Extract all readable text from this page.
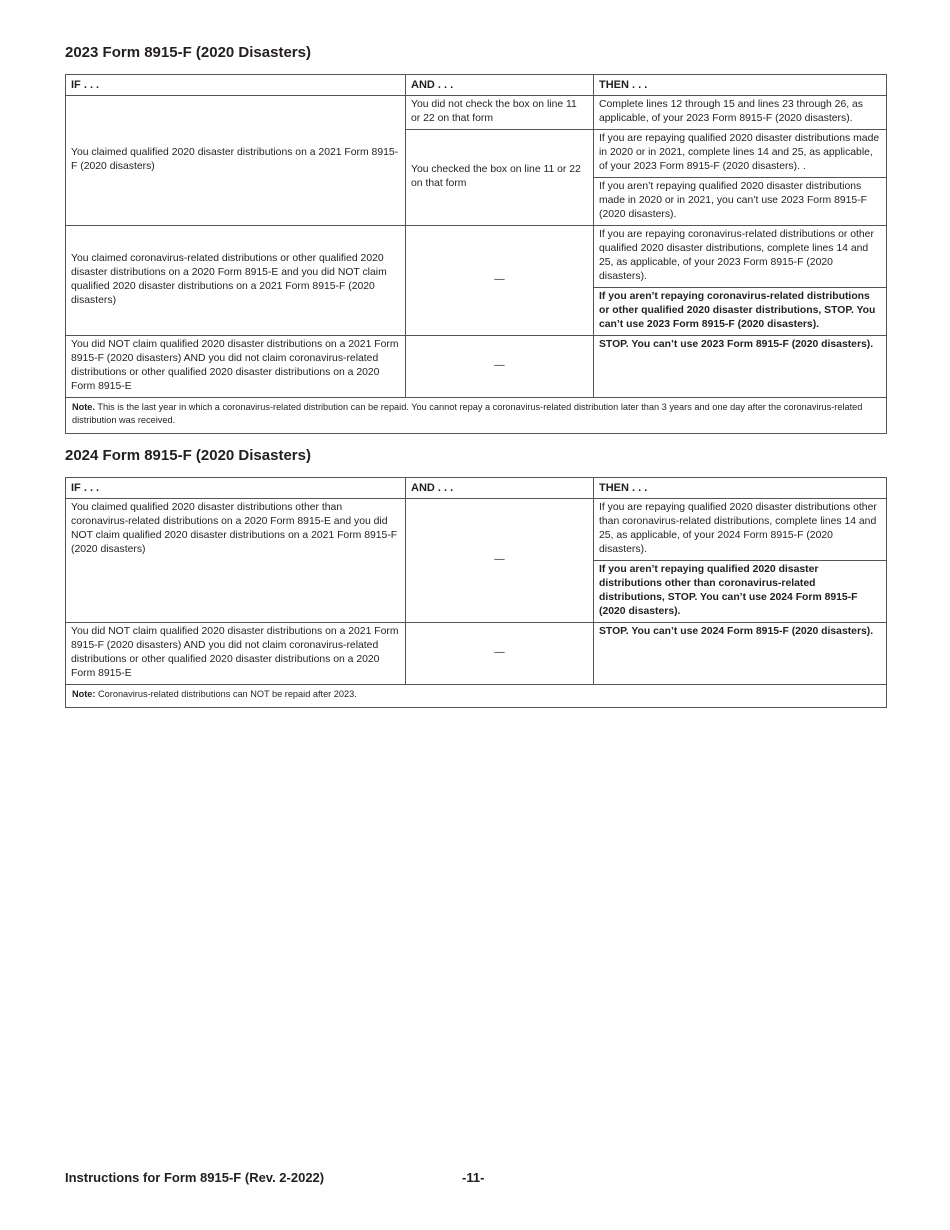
2023 Form 8915-F (2020 Disasters)
IF . . .	AND . . .	THEN . . .
You claimed qualified 2020 disaster distributions on a 2021 Form 8915-F (2020 disasters)	You did not check the box on line 11 or 22 on that form	Complete lines 12 through 15 and lines 23 through 26, as applicable, of your 2023 Form 8915-F (2020 disasters).
	You checked the box on line 11 or 22 on that form	If you are repaying qualified 2020 disaster distributions made in 2020 or in 2021, complete lines 14 and 25, as applicable, of your 2023 Form 8915-F (2020 disasters). .
		If you aren’t repaying qualified 2020 disaster distributions made in 2020 or in 2021, you can’t use 2023 Form 8915-F (2020 disasters).
You claimed coronavirus-related distributions or other qualified 2020 disaster distributions on a 2020 Form 8915-E and you did NOT claim qualified 2020 disaster distributions on a 2021 Form 8915-F (2020 disasters)	—	If you are repaying coronavirus-related distributions or other qualified 2020 disaster distributions, complete lines 14 and 25, as applicable, of your 2023 Form 8915-F (2020 disasters).
		If you aren’t repaying coronavirus-related distributions or other qualified 2020 disaster distributions, STOP. You can’t use 2023 Form 8915-F (2020 disasters).
You did NOT claim qualified 2020 disaster distributions on a 2021 Form 8915-F (2020 disasters) AND you did not claim coronavirus-related distributions or other qualified 2020 disaster distributions on a 2020 Form 8915-E	—	STOP. You can’t use 2023 Form 8915-F (2020 disasters).
Note. This is the last year in which a coronavirus-related distribution can be repaid. You cannot repay a coronavirus-related distribution later than 3 years and one day after the coronavirus-related distribution was received.		
2024 Form 8915-F (2020 Disasters)
IF . . .	AND . . .	THEN . . .
You claimed qualified 2020 disaster distributions other than coronavirus-related distributions on a 2020 Form 8915-E and you did NOT claim qualified 2020 disaster distributions on a 2021 Form 8915-F (2020 disasters)	—	If you are repaying qualified 2020 disaster distributions other than coronavirus-related distributions, complete lines 14 and 25, as applicable, of your 2024 Form 8915-F (2020 disasters).
		If you aren’t repaying qualified 2020 disaster distributions other than coronavirus-related distributions, STOP. You can’t use 2024 Form 8915-F (2020 disasters).
You did NOT claim qualified 2020 disaster distributions on a 2021 Form 8915-F (2020 disasters) AND you did not claim coronavirus-related distributions or other qualified 2020 disaster distributions on a 2020 Form 8915-E	—	STOP. You can’t use 2024 Form 8915-F (2020 disasters).
Note: Coronavirus-related distributions can NOT be repaid after 2023.		

Instructions for Form 8915-F (Rev. 2-2022)	-11-
